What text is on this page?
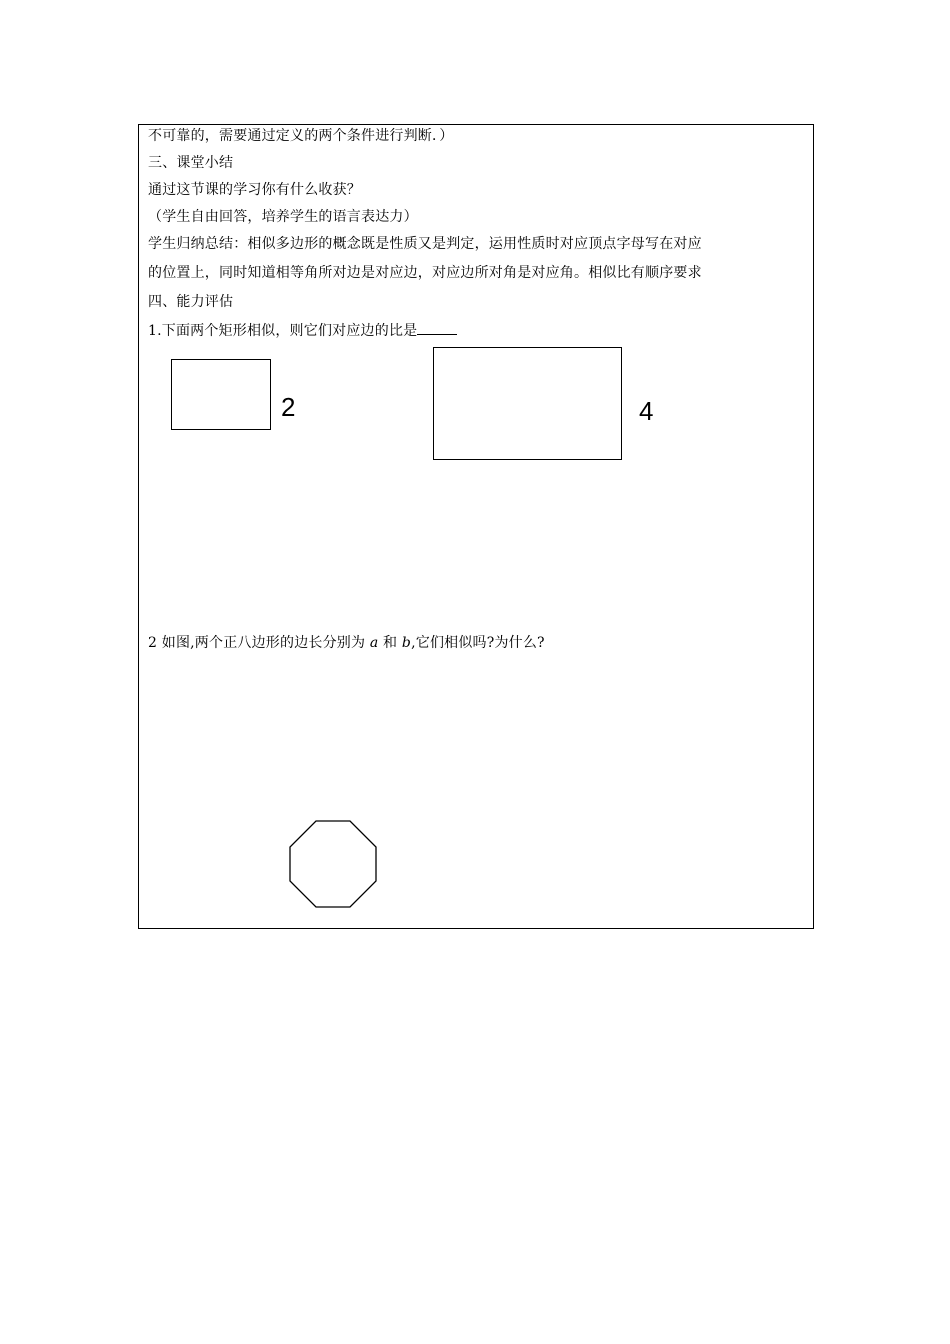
不可靠的，需要通过定义的两个条件进行判断．）
三、课堂小结
通过这节课的学习你有什么收获？
（学生自由回答，培养学生的语言表达力）
学生归纳总结：相似多边形的概念既是性质又是判定，运用性质时对应顶点字母写在对应
的位置上，同时知道相等角所对边是对应边，对应边所对角是对应角。相似比有顺序要求
四、能力评估
1.下面两个矩形相似，则它们对应边的比是
2	4
2 如图,两个正八边形的边长分别为 a 和 b,它们相似吗?为什么?
